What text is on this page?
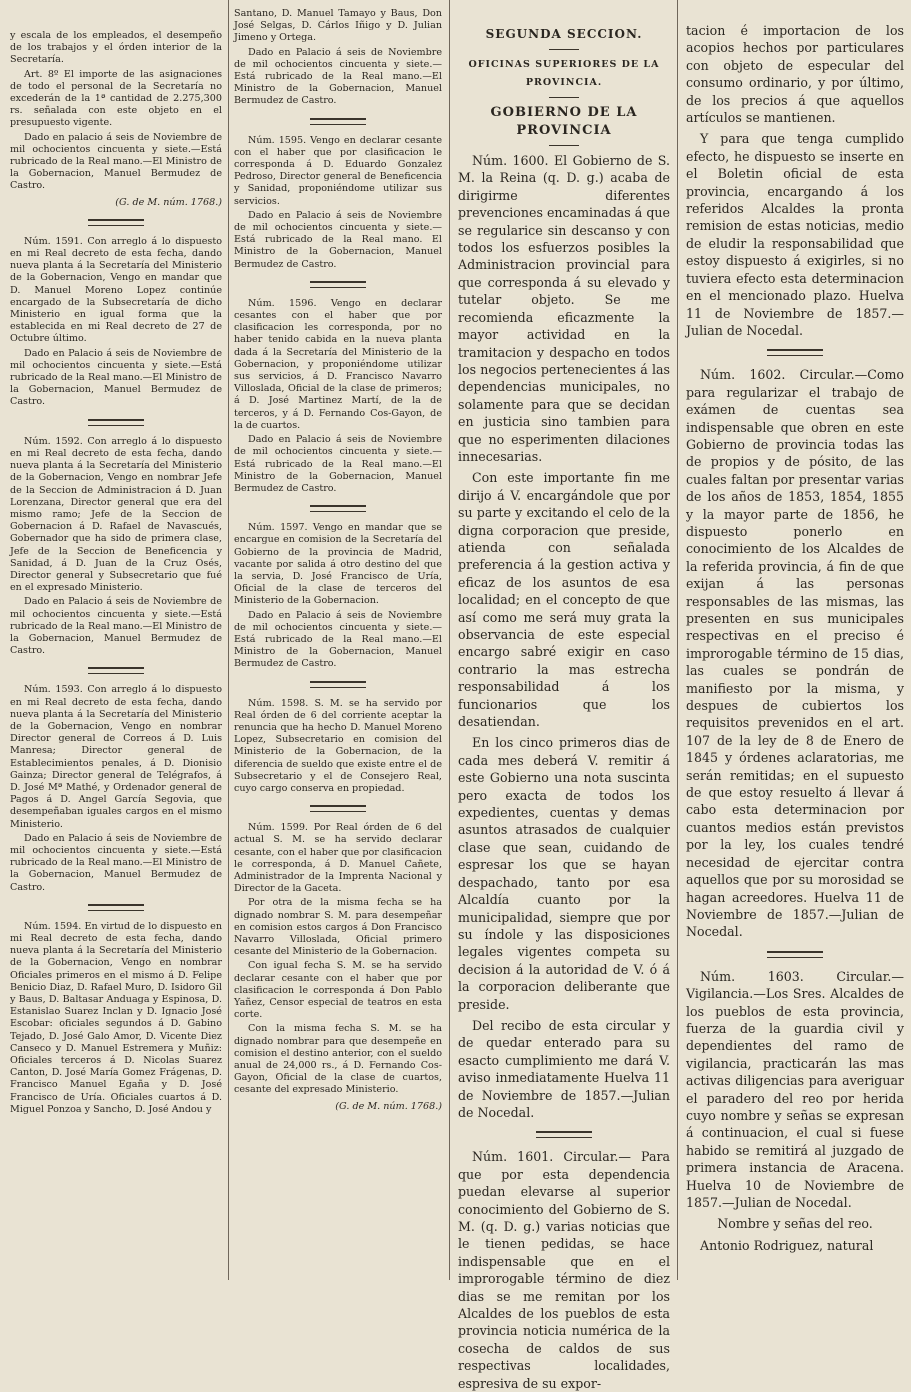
y escala de los empleados, el desempeño de los trabajos y el órden interior de la Secretaría.

Art. 8º El importe de las asignaciones de todo el personal de la Secretaría no excederán de la 1ª cantidad de 2.275,300 rs. señalada con este objeto en el presupuesto vigente.

Dado en palacio á seis de Noviembre de mil ochocientos cincuenta y siete.—Está rubricado de la Real mano.—El Ministro de la Gobernacion, Manuel Bermudez de Castro.

(G. de M. núm. 1768.)

Núm. 1591. Con arreglo á lo dispuesto en mi Real decreto de esta fecha, dando nueva planta á la Secretaría del Ministerio de la Gobernacion, Vengo en mandar que D. Manuel Moreno Lopez continúe encargado de la Subsecretaría de dicho Ministerio en igual forma que la establecida en mi Real decreto de 27 de Octubre último.

Dado en Palacio á seis de Noviembre de mil ochocientos cincuenta y siete.—Está rubricado de la Real mano.—El Ministro de la Gobernacion, Manuel Bermudez de Castro.

Núm. 1592. Con arreglo á lo dispuesto en mi Real decreto de esta fecha, dando nueva planta á la Secretaría del Ministerio de la Gobernacion, Vengo en nombrar Jefe de la Seccion de Administracion á D. Juan Lorenzana, Director general que era del mismo ramo; Jefe de la Seccion de Gobernacion á D. Rafael de Navascués, Gobernador que ha sido de primera clase, Jefe de la Seccion de Beneficencia y Sanidad, á D. Juan de la Cruz Osés, Director general y Subsecretario que fué en el expresado Ministerio.

Dado en Palacio á seis de Noviembre de mil ochocientos cincuenta y siete.—Está rubricado de la Real mano.—El Ministro de la Gobernacion, Manuel Bermudez de Castro.

Núm. 1593. Con arreglo á lo dispuesto en mi Real decreto de esta fecha, dando nueva planta á la Secretaría del Ministerio de la Gobernacion, Vengo en nombrar Director general de Correos á D. Luis Manresa; Director general de Establecimientos penales, á D. Dionisio Gainza; Director general de Telégrafos, á D. José Mª Mathé, y Ordenador general de Pagos á D. Angel García Segovia, que desempeñaban iguales cargos en el mismo Ministerio.

Dado en Palacio á seis de Noviembre de mil ochocientos cincuenta y siete.—Está rubricado de la Real mano.—El Ministro de la Gobernacion, Manuel Bermudez de Castro.

Núm. 1594. En virtud de lo dispuesto en mi Real decreto de esta fecha, dando nueva planta á la Secretaría del Ministerio de la Gobernacion, Vengo en nombrar Oficiales primeros en el mismo á D. Felipe Benicio Diaz, D. Rafael Muro, D. Isidoro Gil y Baus, D. Baltasar Anduaga y Espinosa, D. Estanislao Suarez Inclan y D. Ignacio José Escobar: oficiales segundos á D. Gabino Tejado, D. José Galo Amor, D. Vicente Diez Canseco y D. Manuel Estremera y Muñiz: Oficiales terceros á D. Nicolas Suarez Canton, D. José María Gomez Frágenas, D. Francisco Manuel Egaña y D. José Francisco de Uría. Oficiales cuartos á D. Miguel Ponzoa y Sancho, D. José Andou y

Santano, D. Manuel Tamayo y Baus, Don José Selgas, D. Cárlos Iñigo y D. Julian Jimeno y Ortega.

Dado en Palacio á seis de Noviembre de mil ochocientos cincuenta y siete.—Está rubricado de la Real mano.—El Ministro de la Gobernacion, Manuel Bermudez de Castro.

Núm. 1595. Vengo en declarar cesante con el haber que por clasificacion le corresponda á D. Eduardo Gonzalez Pedroso, Director general de Beneficencia y Sanidad, proponiéndome utilizar sus servicios.

Dado en Palacio á seis de Noviembre de mil ochocientos cincuenta y siete.—Está rubricado de la Real mano. El Ministro de la Gobernacion, Manuel Bermudez de Castro.

Núm. 1596. Vengo en declarar cesantes con el haber que por clasificacion les corresponda, por no haber tenido cabida en la nueva planta dada á la Secretaría del Ministerio de la Gobernacion, y proponiéndome utilizar sus servicios, á D. Francisco Navarro Villoslada, Oficial de la clase de primeros; á D. José Martinez Martí, de la de terceros, y á D. Fernando Cos-Gayon, de la de cuartos.

Dado en Palacio á seis de Noviembre de mil ochocientos cincuenta y siete.—Está rubricado de la Real mano.—El Ministro de la Gobernacion, Manuel Bermudez de Castro.

Núm. 1597. Vengo en mandar que se encargue en comision de la Secretaría del Gobierno de la provincia de Madrid, vacante por salida á otro destino del que la servia, D. José Francisco de Uría, Oficial de la clase de terceros del Ministerio de la Gobernacion.

Dado en Palacio á seis de Noviembre de mil ochocientos cincuenta y siete.—Está rubricado de la Real mano.—El Ministro de la Gobernacion, Manuel Bermudez de Castro.

Núm. 1598. S. M. se ha servido por Real órden de 6 del corriente aceptar la renuncia que ha hecho D. Manuel Moreno Lopez, Subsecretario en comision del Ministerio de la Gobernacion, de la diferencia de sueldo que existe entre el de Subsecretario y el de Consejero Real, cuyo cargo conserva en propiedad.

Núm. 1599. Por Real órden de 6 del actual S. M. se ha servido declarar cesante, con el haber que por clasificacion le corresponda, á D. Manuel Cañete, Administrador de la Imprenta Nacional y Director de la Gaceta.

Por otra de la misma fecha se ha dignado nombrar S. M. para desempeñar en comision estos cargos á Don Francisco Navarro Villoslada, Oficial primero cesante del Ministerio de la Gobernacion.

Con igual fecha S. M. se ha servido declarar cesante con el haber que por clasificacion le corresponda á Don Pablo Yañez, Censor especial de teatros en esta corte.

Con la misma fecha S. M. se ha dignado nombrar para que desempeñe en comision el destino anterior, con el sueldo anual de 24,000 rs., á D. Fernando Cos-Gayon, Oficial de la clase de cuartos, cesante del expresado Ministerio.

(G. de M. núm. 1768.)

SEGUNDA SECCION.

OFICINAS SUPERIORES DE LA PROVINCIA.

GOBIERNO DE LA PROVINCIA

Núm. 1600. El Gobierno de S. M. la Reina (q. D. g.) acaba de dirigirme diferentes prevenciones encaminadas á que se regularice sin descanso y con todos los esfuerzos posibles la Administracion provincial para que corresponda á su elevado y tutelar objeto. Se me recomienda eficazmente la mayor actividad en la tramitacion y despacho en todos los negocios pertenecientes á las dependencias municipales, no solamente para que se decidan en justicia sino tambien para que no esperimenten dilaciones innecesarias.

Con este importante fin me dirijo á V. encargándole que por su parte y excitando el celo de la digna corporacion que preside, atienda con señalada preferencia á la gestion activa y eficaz de los asuntos de esa localidad; en el concepto de que así como me será muy grata la observancia de este especial encargo sabré exigir en caso contrario la mas estrecha responsabilidad á los funcionarios que los desatiendan.

En los cinco primeros dias de cada mes deberá V. remitir á este Gobierno una nota suscinta pero exacta de todos los expedientes, cuentas y demas asuntos atrasados de cualquier clase que sean, cuidando de espresar los que se hayan despachado, tanto por esa Alcaldía cuanto por la municipalidad, siempre que por su índole y las disposiciones legales vigentes competa su decision á la autoridad de V. ó á la corporacion deliberante que preside.

Del recibo de esta circular y de quedar enterado para su esacto cumplimiento me dará V. aviso inmediatamente Huelva 11 de Noviembre de 1857.—Julian de Nocedal.

Núm. 1601. Circular.— Para que por esta dependencia puedan elevarse al superior conocimiento del Gobierno de S. M. (q. D. g.) varias noticias que le tienen pedidas, se hace indispensable que en el improrogable término de diez dias se me remitan por los Alcaldes de los pueblos de esta provincia noticia numérica de la cosecha de caldos de sus respectivas localidades, espresiva de su expor-

tacion é importacion de los acopios hechos por particulares con objeto de especular del consumo ordinario, y por último, de los precios á que aquellos artículos se mantienen.

Y para que tenga cumplido efecto, he dispuesto se inserte en el Boletin oficial de esta provincia, encargando á los referidos Alcaldes la pronta remision de estas noticias, medio de eludir la responsabilidad que estoy dispuesto á exigirles, si no tuviera efecto esta determinacion en el mencionado plazo. Huelva 11 de Noviembre de 1857.—Julian de Nocedal.

Núm. 1602. Circular.—Como para regularizar el trabajo de exámen de cuentas sea indispensable que obren en este Gobierno de provincia todas las de propios y de pósito, de las cuales faltan por presentar varias de los años de 1853, 1854, 1855 y la mayor parte de 1856, he dispuesto ponerlo en conocimiento de los Alcaldes de la referida provincia, á fin de que exijan á las personas responsables de las mismas, las presenten en sus municipales respectivas en el preciso é improrogable término de 15 dias, las cuales se pondrán de manifiesto por la misma, y despues de cubiertos los requisitos prevenidos en el art. 107 de la ley de 8 de Enero de 1845 y órdenes aclaratorias, me serán remitidas; en el supuesto de que estoy resuelto á llevar á cabo esta determinacion por cuantos medios están previstos por la ley, los cuales tendré necesidad de ejercitar contra aquellos que por su morosidad se hagan acreedores. Huelva 11 de Noviembre de 1857.—Julian de Nocedal.

Núm. 1603. Circular.— Vigilancia.—Los Sres. Alcaldes de los pueblos de esta provincia, fuerza de la guardia civil y dependientes del ramo de vigilancia, practicarán las mas activas diligencias para averiguar el paradero del reo por herida cuyo nombre y señas se expresan á continuacion, el cual si fuese habido se remitirá al juzgado de primera instancia de Aracena. Huelva 10 de Noviembre de 1857.—Julian de Nocedal.

Nombre y señas del reo.

Antonio Rodriguez, natural
